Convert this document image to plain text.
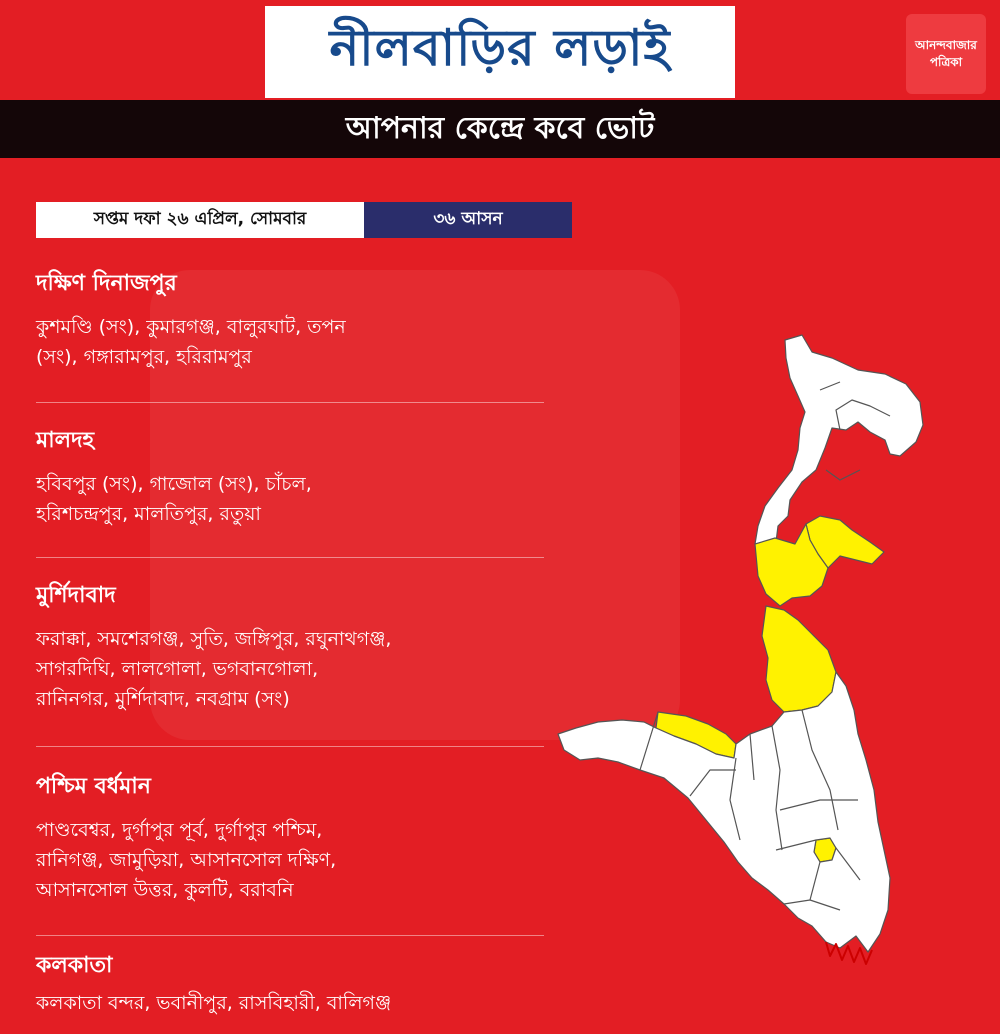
নীলবাড়ির লড়াই	আনন্দবাজার
পত্রিকা
আপনার কেন্দ্রে কবে ভোট
সপ্তম দফা ২৬ এপ্রিল, সোমবার	৩৬ আসন

দক্ষিণ দিনাজপুর

কুশমণ্ডি (সং), কুমারগঞ্জ, বালুরঘাট, তপন
(সং), গঙ্গারামপুর, হরিরামপুর

মালদহ

হবিবপুর (সং), গাজোল (সং), চাঁচল,
হরিশচন্দ্রপুর, মালতিপুর, রতুয়া

মুর্শিদাবাদ

ফরাক্কা, সমশেরগঞ্জ, সুতি, জঙ্গিপুর, রঘুনাথগঞ্জ,
সাগরদিঘি, লালগোলা, ভগবানগোলা,
রানিনগর, মুর্শিদাবাদ, নবগ্রাম (সং)

পশ্চিম বর্ধমান

পাণ্ডবেশ্বর, দুর্গাপুর পূর্ব, দুর্গাপুর পশ্চিম,
রানিগঞ্জ, জামুড়িয়া, আসানসোল দক্ষিণ,
আসানসোল উত্তর, কুলটি, বরাবনি

কলকাতা

কলকাতা বন্দর, ভবানীপুর, রাসবিহারী, বালিগঞ্জ
